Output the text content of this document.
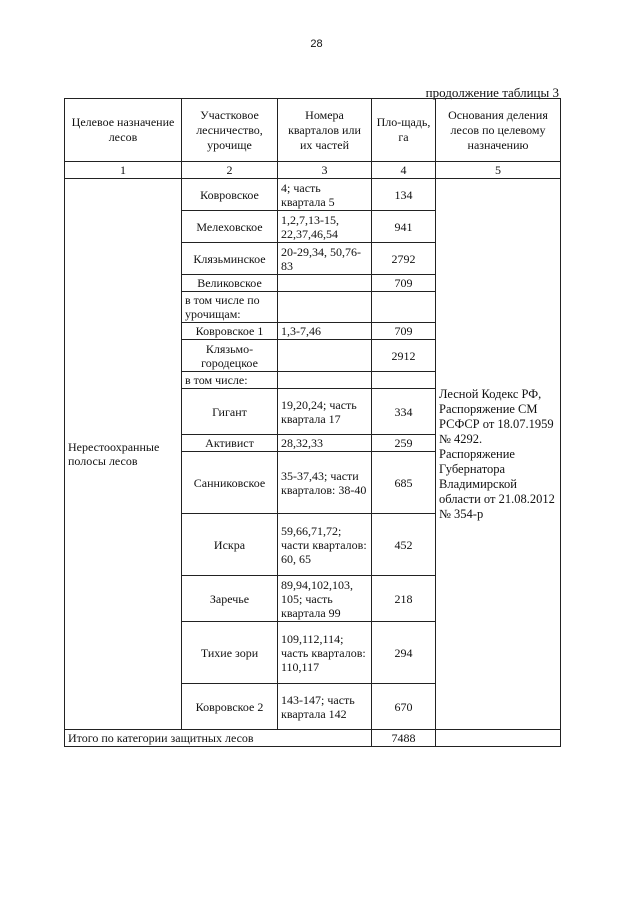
28
продолжение таблицы 3
Целевое назначение лесов	Участковое лесничество, урочище	Номера кварталов или их частей	Пло-щадь, га	Основания деления лесов по целевому назначению
1	2	3	4	5
Нерестоохранные полосы лесов	Ковровское	4; часть квартала 5	134	Лесной Кодекс РФ, Распоряжение СМ РСФСР от 18.07.1959 № 4292. Распоряжение Губернатора Владимирской области от 21.08.2012 № 354-р
	Мелеховское	1,2,7,13-15, 22,37,46,54	941	
	Клязьминское	20-29,34, 50,76-83	2792	
	Великовское		709	
	в том числе по урочищам:			
	Ковровское 1	1,3-7,46	709	
	Клязьмо-городецкое		2912	
	в том числе:			
	Гигант	19,20,24; часть квартала 17	334	
	Активист	28,32,33	259	
	Санниковское	35-37,43; части кварталов: 38-40	685	
	Искра	59,66,71,72; части кварталов: 60, 65	452	
	Заречье	89,94,102,103, 105; часть квартала 99	218	
	Тихие зори	109,112,114; часть кварталов: 110,117	294	
	Ковровское 2	143-147; часть квартала 142	670	
Итого по категории защитных лесов			7488	
